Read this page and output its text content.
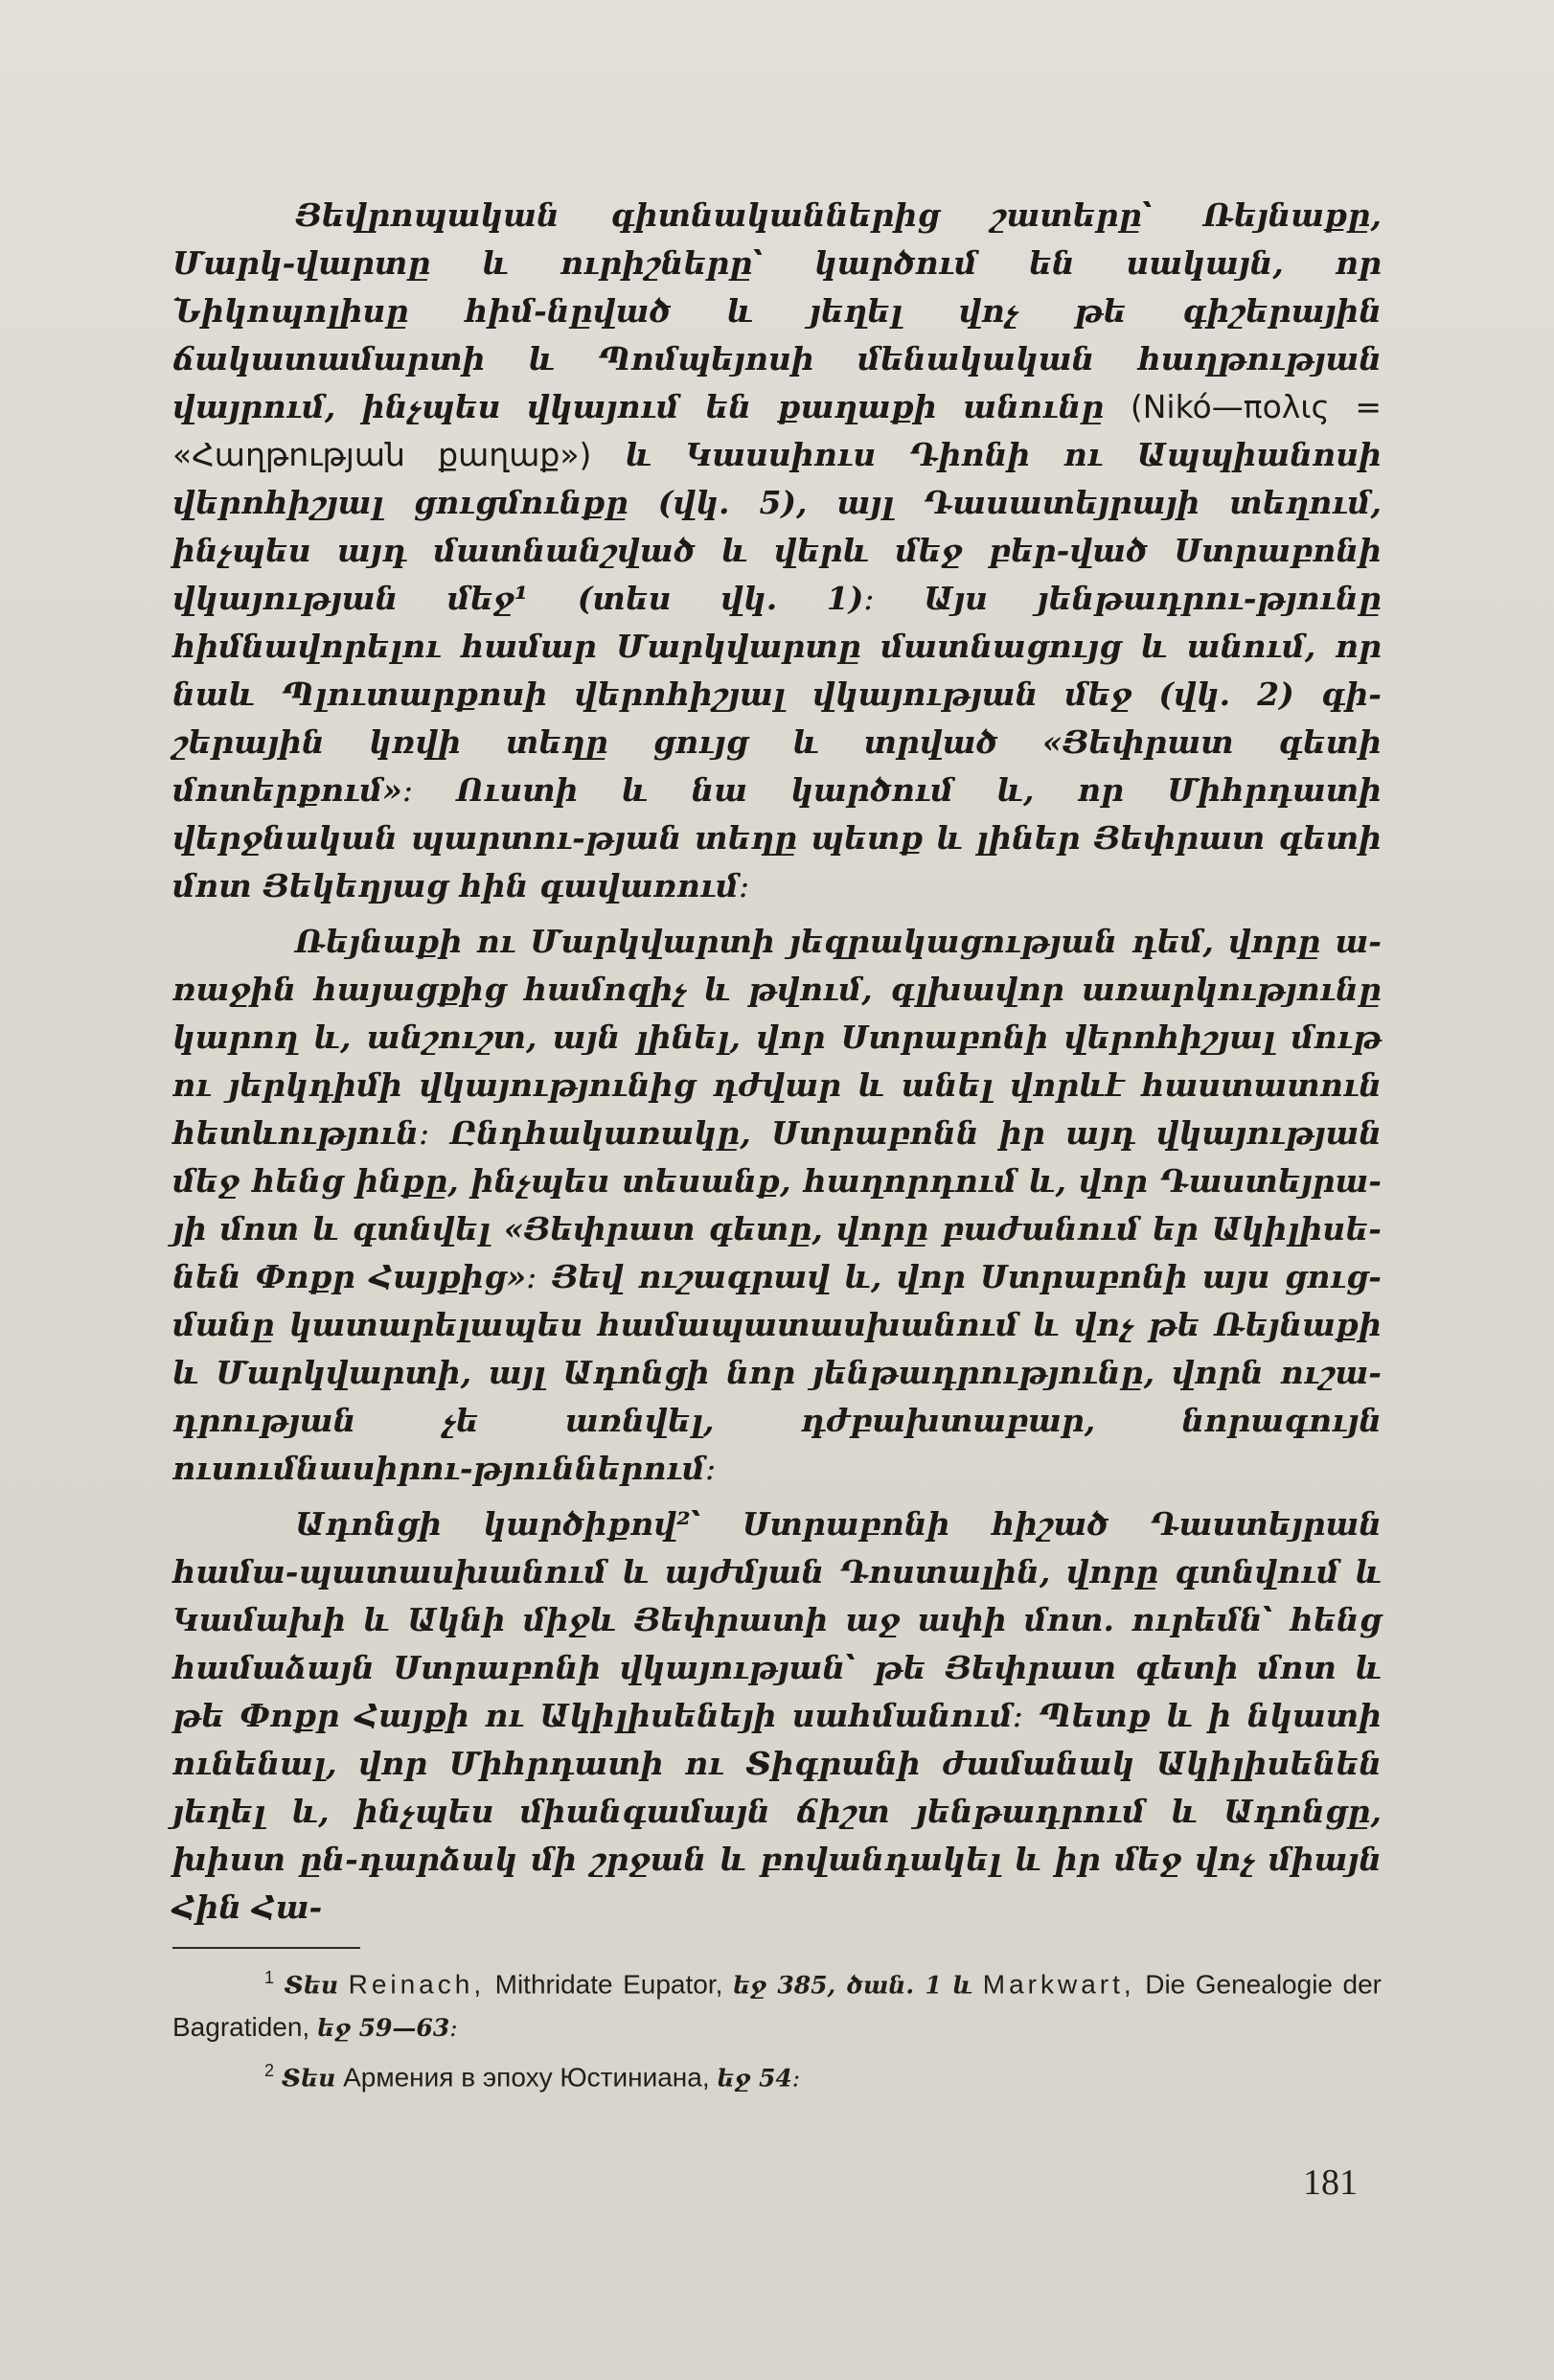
Յեվրոպական գիտնականներից շատերը՝ Ռեյնաքը, Մարկ-վարտը և ուրիշները՝ կարծում են սակայն, որ Նիկոպոլիսը հիմ-նըված և յեղել վոչ թե գիշերային ճակատամարտի և Պոմպեյոսի մենակական հաղթության վայրում, ինչպես վկայում են քաղաքի անունը (Nikó—πολις = «Հաղթության քաղաք») և Կասսիուս Դիոնի ու Ապպիանոսի վերոհիշյալ ցուցմունքը (վկ. 5), այլ Դասատեյրայի տեղում, ինչպես այդ մատնանշված և վերև մեջ բեր-ված Ստրաբոնի վկայության մեջ¹ (տես վկ. 1)։ Այս յենթադրու-թյունը հիմնավորելու համար Մարկվարտը մատնացույց և անում, որ նաև Պլուտարքոսի վերոհիշյալ վկայության մեջ (վկ. 2) գի-շերային կռվի տեղը ցույց և տրված «Յեփրատ գետի մոտերքում»։ Ուստի և նա կարծում և, որ Միհրդատի վերջնական պարտու-թյան տեղը պետք և լիներ Յեփրատ գետի մոտ Յեկեղյաց հին գավառում։

Ռեյնաքի ու Մարկվարտի յեզրակացության դեմ, վորը ա-ռաջին հայացքից համոզիչ և թվում, գլխավոր առարկությունը կարող և, անշուշտ, այն լինել, վոր Ստրաբոնի վերոհիշյալ մութ ու յերկդիմի վկայությունից դժվար և անել վորևէ հաստատուն հետևություն։ Ընդհակառակը, Ստրաբոնն իր այդ վկայության մեջ հենց ինքը, ինչպես տեսանք, հաղորդում և, վոր Դաստեյրա-յի մոտ և գտնվել «Յեփրատ գետը, վորը բաժանում եր Ակիլիսե-նեն Փոքր Հայքից»։ Յեվ ուշագրավ և, վոր Ստրաբոնի այս ցուց-մանը կատարելապես համապատասխանում և վոչ թե Ռեյնաքի և Մարկվարտի, այլ Ադոնցի նոր յենթադրությունը, վորն ուշա-դրության չե առնվել, դժբախտաբար, նորագույն ուսումնասիրու-թյուններում։

Ադոնցի կարծիքով²՝ Ստրաբոնի հիշած Դաստեյրան համա-պատասխանում և այժմյան Դոստալին, վորը գտնվում և Կամախի և Ակնի միջև Յեփրատի աջ ափի մոտ. ուրեմն՝ հենց համաձայն Ստրաբոնի վկայության՝ թե Յեփրատ գետի մոտ և թե Փոքր Հայքի ու Ակիլիսենեյի սահմանում։ Պետք և ի նկատի ունենալ, վոր Միհրդատի ու Տիգրանի ժամանակ Ակիլիսենեն յեղել և, ինչպես միանգամայն ճիշտ յենթադրում և Ադոնցը, խիստ ըն-դարձակ մի շրջան և բովանդակել և իր մեջ վոչ միայն Հին Հա-

$^1$ Տես Reinach, Mithridate Eupator, եջ 385, ծան. 1 և Markwart, Die Genealogie der Bagratiden, եջ 59—63։

$^2$ Տես Армения в эпоху Юстиниана, եջ 54։

181
